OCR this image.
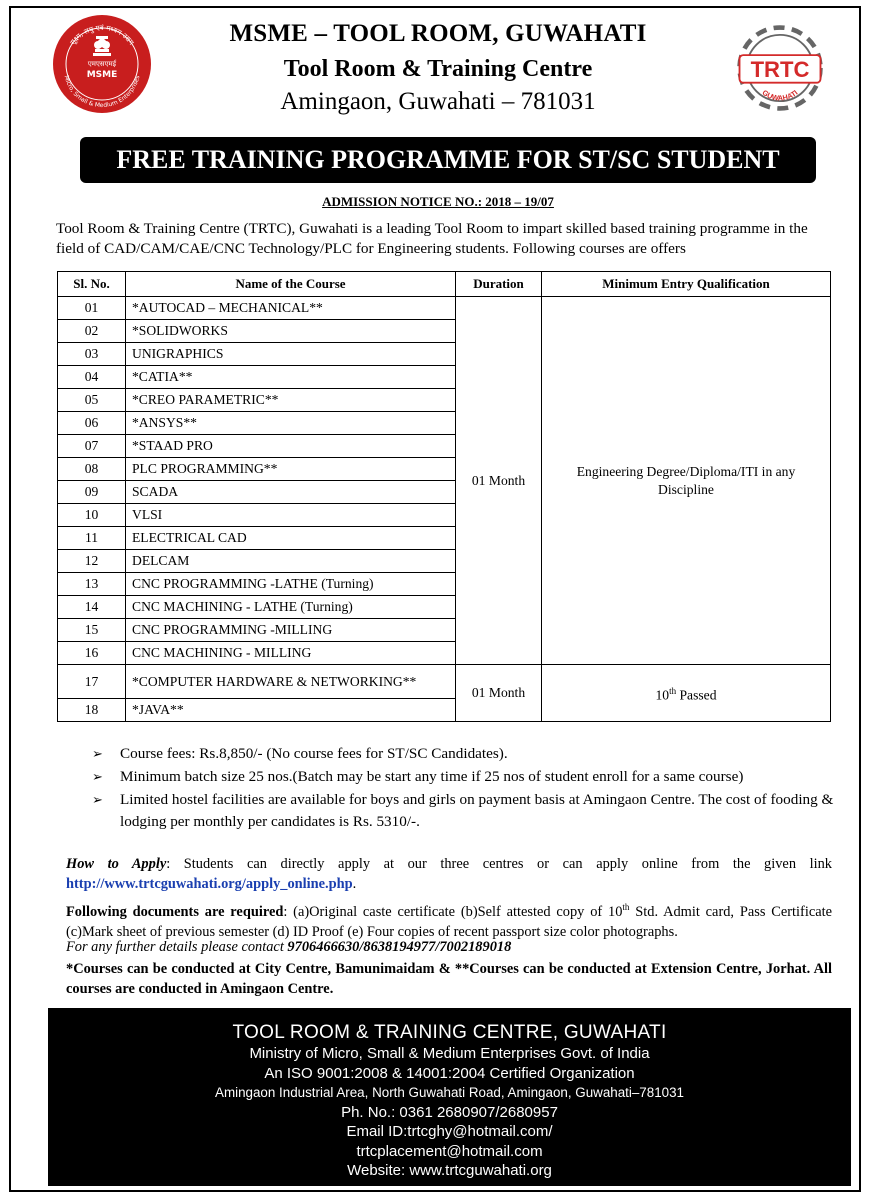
एमएसएमई
MSME
सूक्ष्म, लघु एवं मध्यम उद्यम
Micro, Small & Medium Enterprises	TRTC
GUWAHATI
MSME – TOOL ROOM, GUWAHATI
Tool Room & Training Centre
Amingaon, Guwahati – 781031
FREE TRAINING PROGRAMME FOR ST/SC STUDENT
ADMISSION NOTICE NO.: 2018 – 19/07
Tool Room & Training Centre (TRTC), Guwahati is a leading Tool Room to impart skilled based training programme in the field of CAD/CAM/CAE/CNC Technology/PLC for Engineering students. Following courses are offers
Sl. No.	Name of the Course	Duration	Minimum Entry Qualification
01	*AUTOCAD – MECHANICAL**	01 Month	Engineering Degree/Diploma/ITI in any Discipline
02	*SOLIDWORKS		
03	UNIGRAPHICS		
04	*CATIA**		
05	*CREO PARAMETRIC**		
06	*ANSYS**		
07	*STAAD PRO		
08	PLC PROGRAMMING**		
09	SCADA		
10	VLSI		
11	ELECTRICAL CAD		
12	DELCAM		
13	CNC PROGRAMMING -LATHE (Turning)		
14	CNC MACHINING - LATHE (Turning)		
15	CNC PROGRAMMING -MILLING		
16	CNC MACHINING - MILLING		
17	*COMPUTER HARDWARE & NETWORKING**	01 Month	10th Passed
18	*JAVA**		
➢ Course fees: Rs.8,850/- (No course fees for ST/SC Candidates).
➢ Minimum batch size 25 nos.(Batch may be start any time if 25 nos of student enroll for a same course)
➢ Limited hostel facilities are available for boys and girls on payment basis at Amingaon Centre. The cost of fooding & lodging per monthly per candidates is Rs. 5310/-.
How to Apply: Students can directly apply at our three centres or can apply online from the given link http://www.trtcguwahati.org/apply_online.php.
Following documents are required: (a)Original caste certificate (b)Self attested copy of 10th Std. Admit card, Pass Certificate (c)Mark sheet of previous semester (d) ID Proof (e) Four copies of recent passport size color photographs.
For any further details please contact 9706466630/8638194977/7002189018
*Courses can be conducted at City Centre, Bamunimaidam & **Courses can be conducted at Extension Centre, Jorhat. All courses are conducted in Amingaon Centre.
TOOL ROOM & TRAINING CENTRE, GUWAHATI
Ministry of Micro, Small & Medium Enterprises Govt. of India
An ISO 9001:2008 & 14001:2004 Certified Organization
Amingaon Industrial Area, North Guwahati Road, Amingaon, Guwahati–781031
Ph. No.: 0361 2680907/2680957
Email ID:trtcghy@hotmail.com/
trtcplacement@hotmail.com
Website: www.trtcguwahati.org
